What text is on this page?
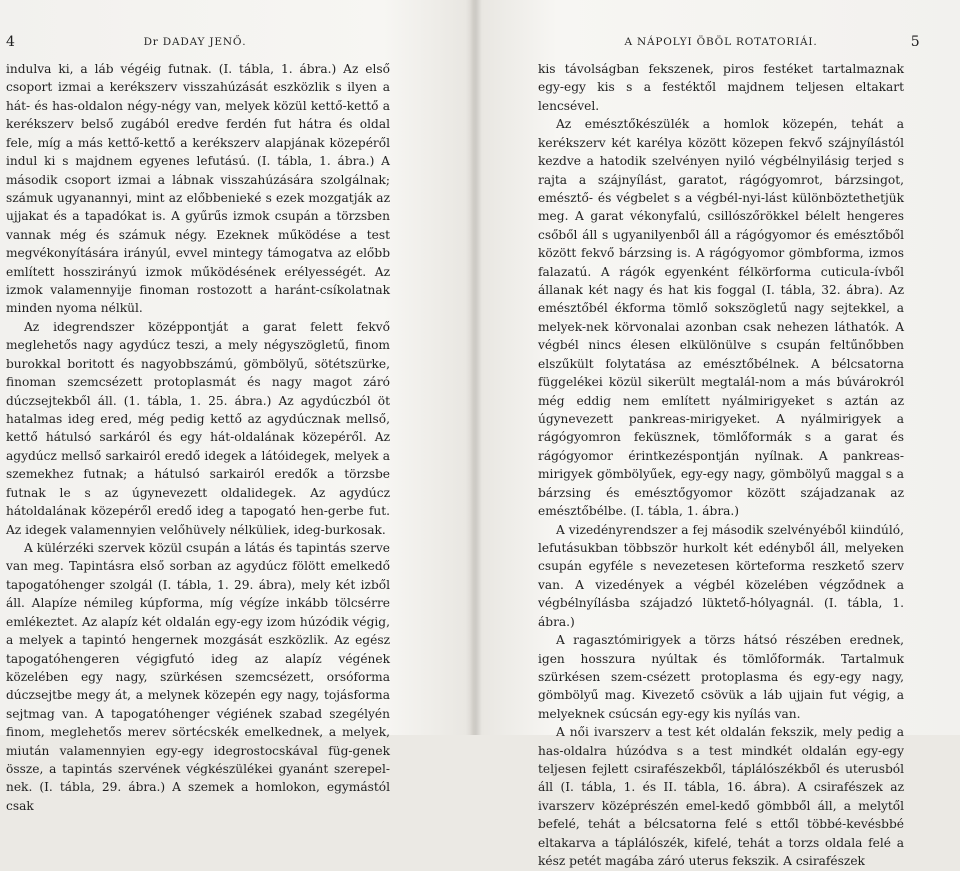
4	Dr DADAY JENŐ.

indulva ki, a láb végéig futnak. (I. tábla, 1. ábra.) Az első csoport izmai a kerékszerv visszahúzását eszközlik s ilyen a hát- és has-oldalon négy-négy van, melyek közül kettő-kettő a kerékszerv belső zugából eredve ferdén fut hátra és oldal fele, míg a más kettő-kettő a kerékszerv alapjának közepéről indul ki s majdnem egyenes lefutású. (I. tábla, 1. ábra.) A második csoport izmai a lábnak visszahúzására szolgálnak; számuk ugyanannyi, mint az előbbenieké s ezek mozgatják az ujjakat és a tapadókat is. A gyűrűs izmok csupán a törzsben vannak még és számuk négy. Ezeknek működése a test megvékonyítására irányúl, evvel mintegy támogatva az előbb említett hosszirányú izmok működésének erélyességét. Az izmok valamennyije finoman rostozott a haránt-csíkolatnak minden nyoma nélkül.

Az idegrendszer középpontját a garat felett fekvő meglehetős nagy agydúcz teszi, a mely négyszögletű, finom burokkal boritott és nagyobbszámú, gömbölyű, sötétszürke, finoman szemcsézett protoplasmát és nagy magot záró dúczsejtekből áll. (1. tábla, 1. 25. ábra.) Az agydúczból öt hatalmas ideg ered, még pedig kettő az agydúcznak mellső, kettő hátulsó sarkáról és egy hát-oldalának közepéről. Az agydúcz mellső sarkairól eredő idegek a látóidegek, melyek a szemekhez futnak; a hátulsó sarkairól eredők a törzsbe futnak le s az úgynevezett oldalidegek. Az agydúcz hátoldalának közepéről eredő ideg a tapogató hen-gerbe fut. Az idegek valamennyien velőhüvely nélküliek, ideg-burkosak.

A külérzéki szervek közül csupán a látás és tapintás szerve van meg. Tapintásra első sorban az agydúcz fölött emelkedő tapogatóhenger szolgál (I. tábla, 1. 29. ábra), mely két izből áll. Alapíze némileg kúpforma, míg végíze inkább tölcsérre emlékeztet. Az alapíz két oldalán egy-egy izom húzódik végig, a melyek a tapintó hengernek mozgását eszközlik. Az egész tapogatóhengeren végigfutó ideg az alapíz végének közelében egy nagy, szürkésen szemcsézett, orsóforma dúczsejtbe megy át, a melynek közepén egy nagy, tojásforma sejtmag van. A tapogatóhenger végiének szabad szegélyén finom, meglehetős merev sörtécskék emelkednek, a melyek, miután valamennyien egy-egy idegrostocskával füg-genek össze, a tapintás szervének végkészülékei gyanánt szerepel-nek. (I. tábla, 29. ábra.) A szemek a homlokon, egymástól csak

A NÁPOLYI ÖBÖL ROTATORIÁI.	5

kis távolságban fekszenek, piros festéket tartalmaznak egy-egy kis s a festéktől majdnem teljesen eltakart lencsével.

Az emésztőkészülék a homlok közepén, tehát a kerékszerv két karélya között közepen fekvő szájnyílástól kezdve a hatodik szelvényen nyiló végbélnyilásig terjed s rajta a szájnyílást, garatot, rágógyomrot, bárzsingot, emésztő- és végbelet s a végbél-nyi-lást különböztethetjük meg. A garat vékonyfalú, csillószőrökkel bélelt hengeres csőből áll s ugyanilyenből áll a rágógyomor és emésztőből között fekvő bárzsing is. A rágógyomor gömbforma, izmos falazatú. A rágók egyenként félkörforma cuticula-ívből állanak két nagy és hat kis foggal (I. tábla, 32. ábra). Az emésztőbél ékforma tömlő sokszögletű nagy sejtekkel, a melyek-nek körvonalai azonban csak nehezen láthatók. A végbél nincs élesen elkülönülve s csupán feltűnőbben elszűkült folytatása az emésztőbélnek. A bélcsatorna függelékei közül sikerült megtalál-nom a más búvárokról még eddig nem említett nyálmirigyeket s aztán az úgynevezett pankreas-mirigyeket. A nyálmirigyek a rágógyomron feküsznek, tömlőformák s a garat és rágógyomor érintkezéspontján nyílnak. A pankreas-mirigyek gömbölyűek, egy-egy nagy, gömbölyű maggal s a bárzsing és emésztőgyomor között szájadzanak az emésztőbélbe. (I. tábla, 1. ábra.)

A vizedényrendszer a fej második szelvényéből kiindúló, lefutásukban többször hurkolt két edényből áll, melyeken csupán egyféle s nevezetesen körteforma reszkető szerv van. A vizedények a végbél közelében végződnek a végbélnyílásba szájadzó lüktető-hólyagnál. (I. tábla, 1. ábra.)

A ragasztómirigyek a törzs hátsó részében erednek, igen hosszura nyúltak és tömlőformák. Tartalmuk szürkésen szem-csézett protoplasma és egy-egy nagy, gömbölyű mag. Kivezető csövük a láb ujjain fut végig, a melyeknek csúcsán egy-egy kis nyílás van.

A női ivarszerv a test két oldalán fekszik, mely pedig a has-oldalra húzódva s a test mindkét oldalán egy-egy teljesen fejlett csirafészekből, táplálószékből és uterusból áll (I. tábla, 1. és II. tábla, 16. ábra). A csirafészek az ivarszerv középrészén emel-kedő gömbből áll, a melytől befelé, tehát a bélcsatorna felé s ettől többé-kevésbbé eltakarva a táplálószék, kifelé, tehát a torzs oldala felé a kész petét magába záró uterus fekszik. A csirafészek
